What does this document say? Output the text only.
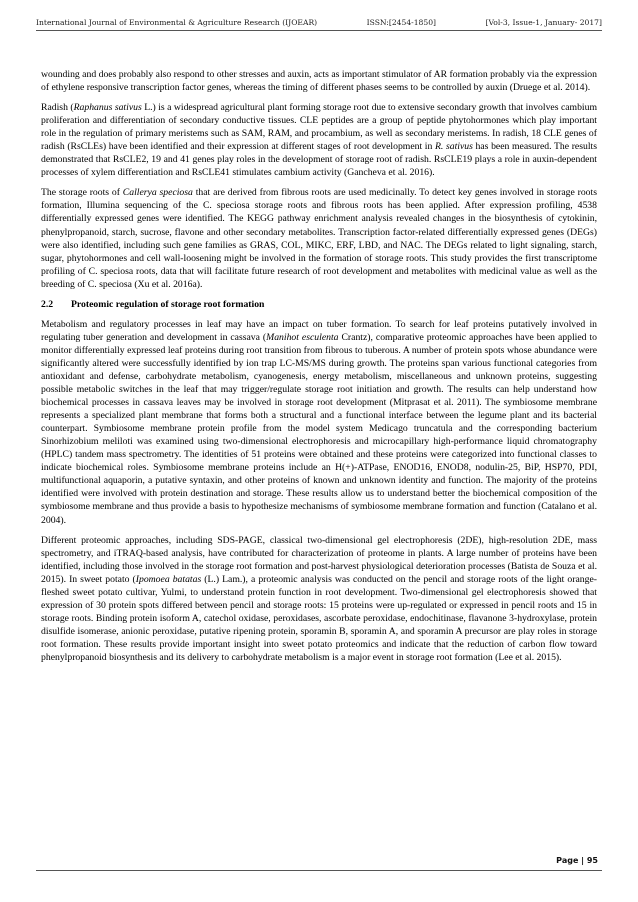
International Journal of Environmental & Agriculture Research (IJOEAR)	ISSN:[2454-1850]	[Vol-3, Issue-1, January- 2017]

wounding and does probably also respond to other stresses and auxin, acts as important stimulator of AR formation probably via the expression of ethylene responsive transcription factor genes, whereas the timing of different phases seems to be controlled by auxin (Druege et al. 2014).

Radish (Raphanus sativus L.) is a widespread agricultural plant forming storage root due to extensive secondary growth that involves cambium proliferation and differentiation of secondary conductive tissues. CLE peptides are a group of peptide phytohormones which play important role in the regulation of primary meristems such as SAM, RAM, and procambium, as well as secondary meristems. In radish, 18 CLE genes of radish (RsCLEs) have been identified and their expression at different stages of root development in R. sativus has been measured. The results demonstrated that RsCLE2, 19 and 41 genes play roles in the development of storage root of radish. RsCLE19 plays a role in auxin-dependent processes of xylem differentiation and RsCLE41 stimulates cambium activity (Gancheva et al. 2016).

The storage roots of Callerya speciosa that are derived from fibrous roots are used medicinally. To detect key genes involved in storage roots formation, Illumina sequencing of the C. speciosa storage roots and fibrous roots has been applied. After expression profiling, 4538 differentially expressed genes were identified. The KEGG pathway enrichment analysis revealed changes in the biosynthesis of cytokinin, phenylpropanoid, starch, sucrose, flavone and other secondary metabolites. Transcription factor-related differentially expressed genes (DEGs) were also identified, including such gene families as GRAS, COL, MIKC, ERF, LBD, and NAC. The DEGs related to light signaling, starch, sugar, phytohormones and cell wall-loosening might be involved in the formation of storage roots. This study provides the first transcriptome profiling of C. speciosa roots, data that will facilitate future research of root development and metabolites with medicinal value as well as the breeding of C. speciosa (Xu et al. 2016a).

2.2	Proteomic regulation of storage root formation

Metabolism and regulatory processes in leaf may have an impact on tuber formation. To search for leaf proteins putatively involved in regulating tuber generation and development in cassava (Manihot esculenta Crantz), comparative proteomic approaches have been applied to monitor differentially expressed leaf proteins during root transition from fibrous to tuberous. A number of protein spots whose abundance were significantly altered were successfully identified by ion trap LC-MS/MS during growth. The proteins span various functional categories from antioxidant and defense, carbohydrate metabolism, cyanogenesis, energy metabolism, miscellaneous and unknown proteins, suggesting possible metabolic switches in the leaf that may trigger/regulate storage root initiation and growth. The results can help understand how biochemical processes in cassava leaves may be involved in storage root development (Mitprasat et al. 2011). The symbiosome membrane represents a specialized plant membrane that forms both a structural and a functional interface between the legume plant and its bacterial counterpart. Symbiosome membrane protein profile from the model system Medicago truncatula and the corresponding bacterium Sinorhizobium meliloti was examined using two-dimensional electrophoresis and microcapillary high-performance liquid chromatography (HPLC) tandem mass spectrometry. The identities of 51 proteins were obtained and these proteins were categorized into functional classes to indicate biochemical roles. Symbiosome membrane proteins include an H(+)-ATPase, ENOD16, ENOD8, nodulin-25, BiP, HSP70, PDI, multifunctional aquaporin, a putative syntaxin, and other proteins of known and unknown identity and function. The majority of the proteins identified were involved with protein destination and storage. These results allow us to understand better the biochemical composition of the symbiosome membrane and thus provide a basis to hypothesize mechanisms of symbiosome membrane formation and function (Catalano et al. 2004).

Different proteomic approaches, including SDS-PAGE, classical two-dimensional gel electrophoresis (2DE), high-resolution 2DE, mass spectrometry, and iTRAQ-based analysis, have contributed for characterization of proteome in plants. A large number of proteins have been identified, including those involved in the storage root formation and post-harvest physiological deterioration processes (Batista de Souza et al. 2015). In sweet potato (Ipomoea batatas (L.) Lam.), a proteomic analysis was conducted on the pencil and storage roots of the light orange-fleshed sweet potato cultivar, Yulmi, to understand protein function in root development. Two-dimensional gel electrophoresis showed that expression of 30 protein spots differed between pencil and storage roots: 15 proteins were up-regulated or expressed in pencil roots and 15 in storage roots. Binding protein isoform A, catechol oxidase, peroxidases, ascorbate peroxidase, endochitinase, flavanone 3-hydroxylase, protein disulfide isomerase, anionic peroxidase, putative ripening protein, sporamin B, sporamin A, and sporamin A precursor are play roles in storage root formation. These results provide important insight into sweet potato proteomics and indicate that the reduction of carbon flow toward phenylpropanoid biosynthesis and its delivery to carbohydrate metabolism is a major event in storage root formation (Lee et al. 2015).

Page | 95
